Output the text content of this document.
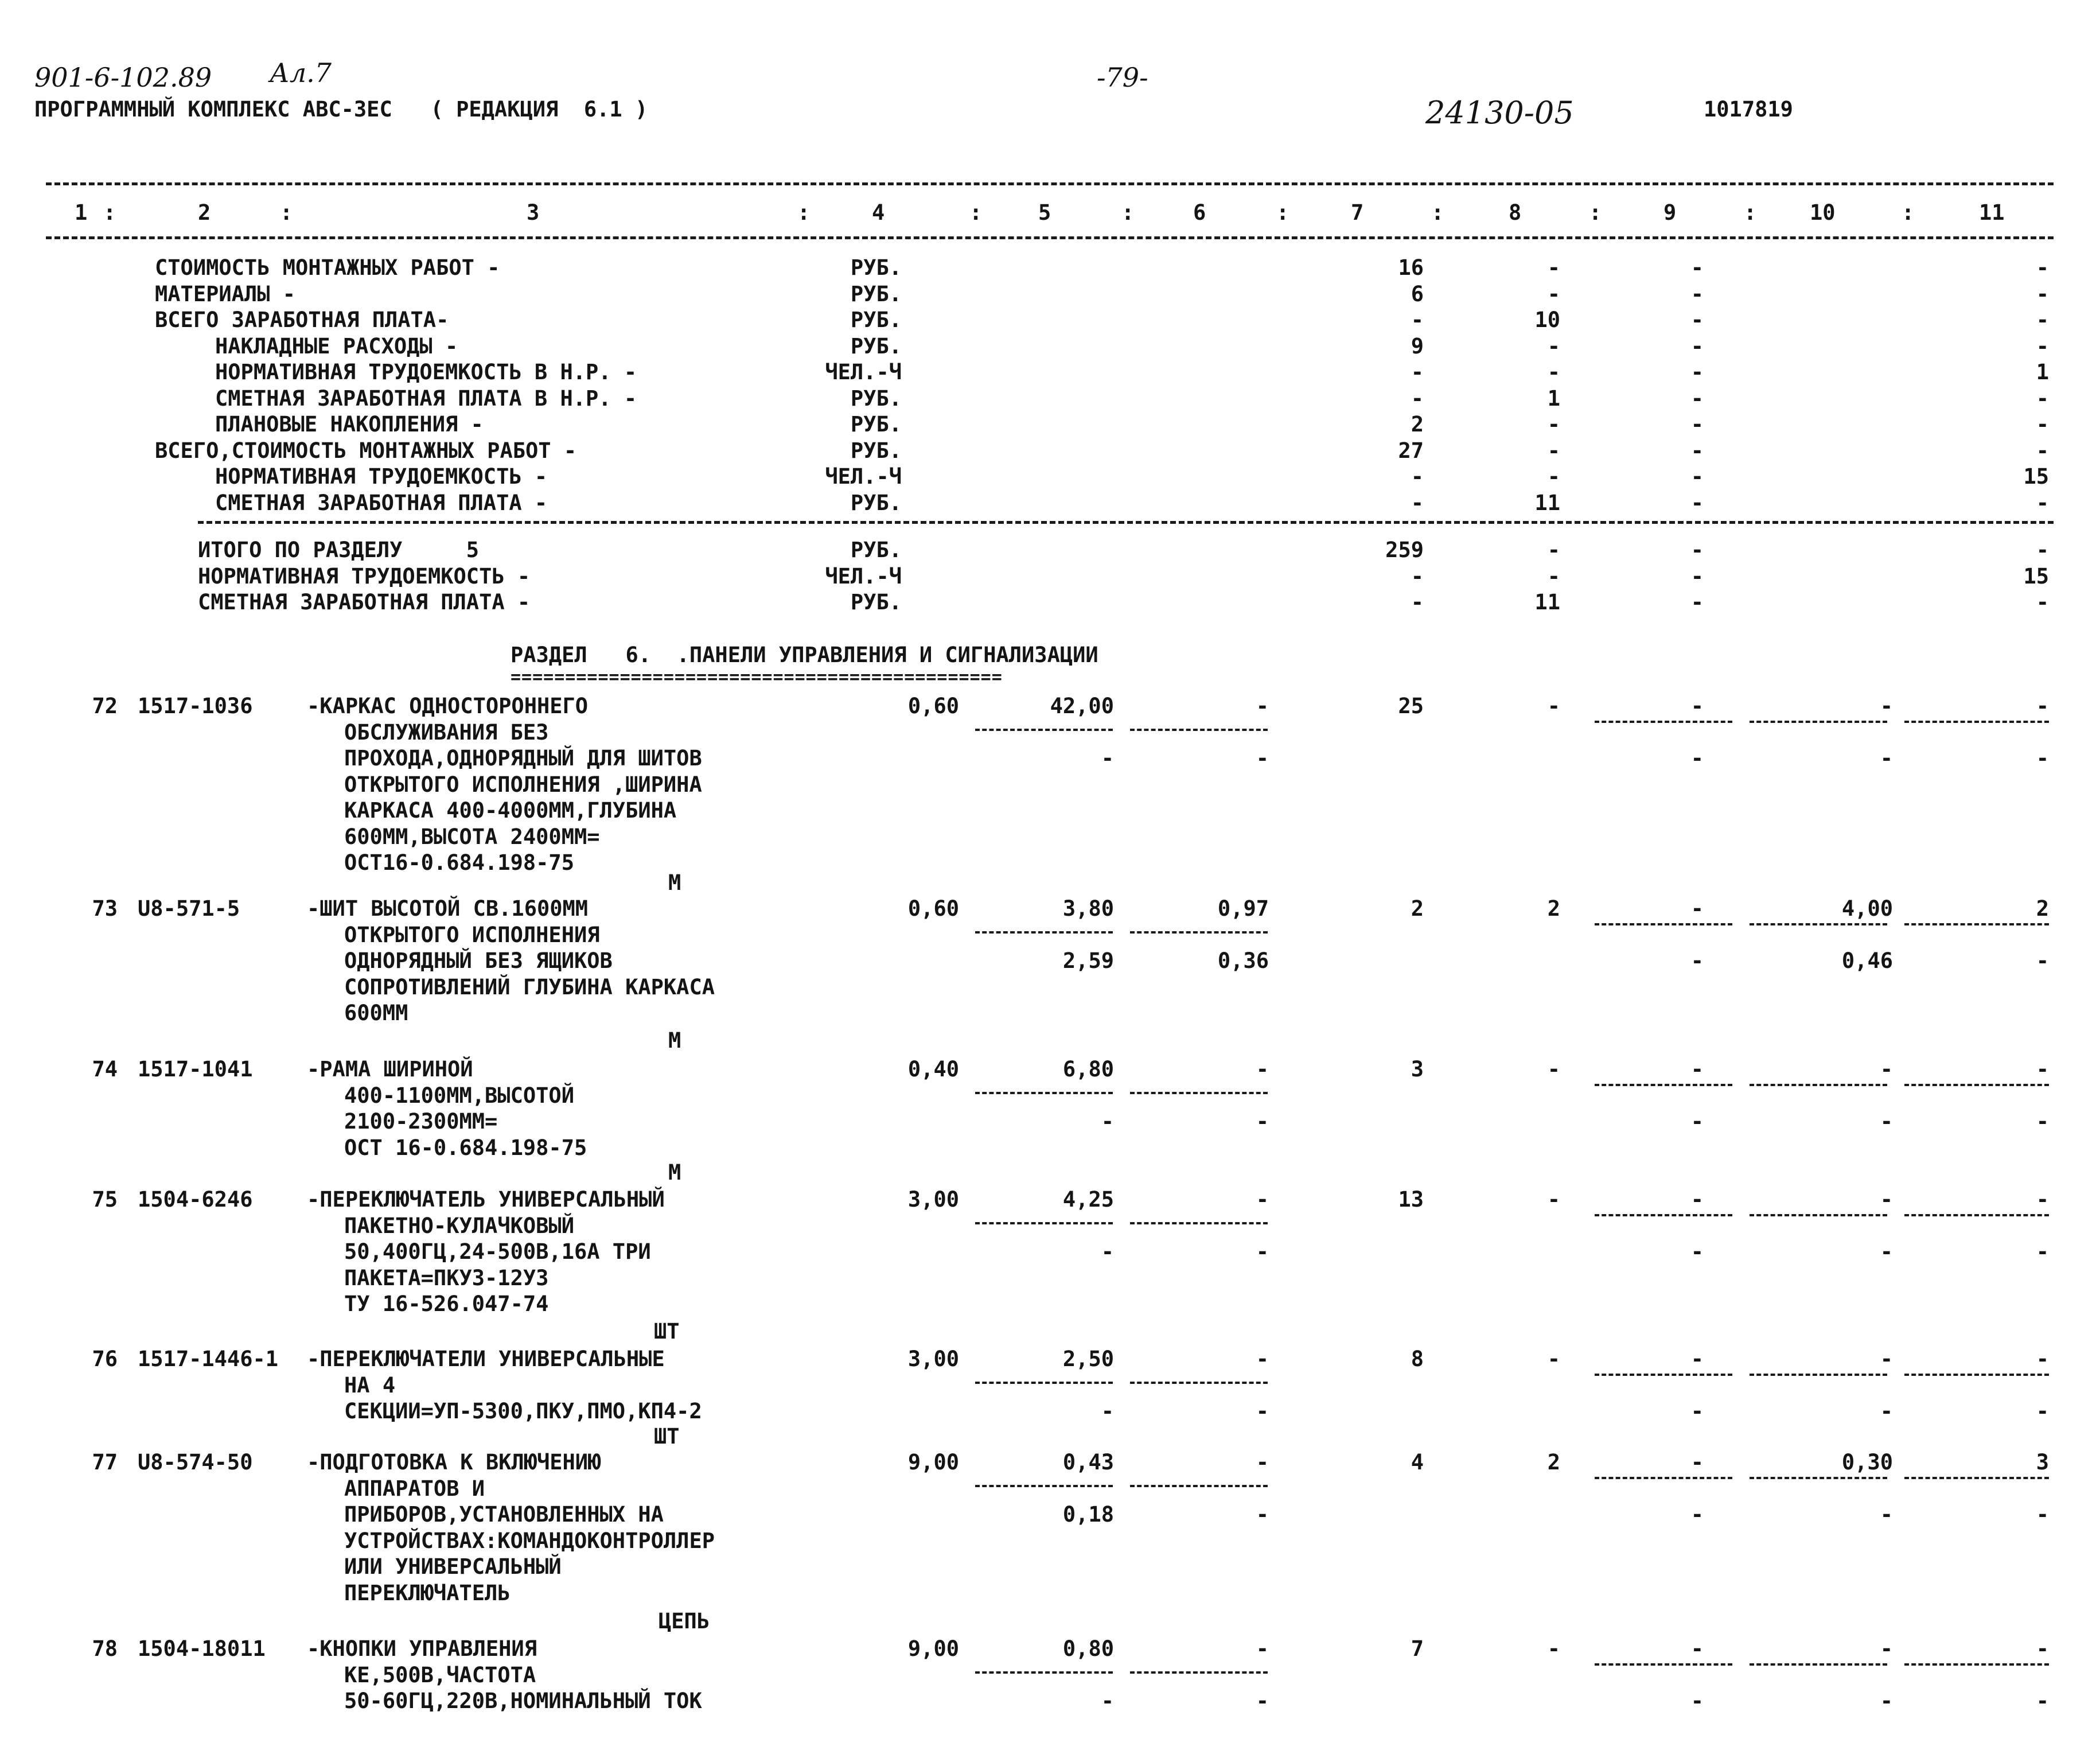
901-6-102.89 Ал.7
ПРОГРАММНЫЙ КОМПЛЕКС АВС-3ЕС   ( РЕДАКЦИЯ  6.1 )
-79-
24130-05	1017819
1 :	2	:	3	:	4	:	5	:	6	:	7	:	8	:	9	:	10	:	11
СТОИМОСТЬ МОНТАЖНЫХ РАБОТ -	РУБ.	16	-	-	-
МАТЕРИАЛЫ -	РУБ.	6	-	-	-
ВСЕГО ЗАРАБОТНАЯ ПЛАТА-	РУБ.	-	10	-	-
НАКЛАДНЫЕ РАСХОДЫ -	РУБ.	9	-	-	-
НОРМАТИВНАЯ ТРУДОЕМКОСТЬ В Н.Р. -	ЧЕЛ.-Ч	-	-	-	1
СМЕТНАЯ ЗАРАБОТНАЯ ПЛАТА В Н.Р. -	РУБ.	-	1	-	-
ПЛАНОВЫЕ НАКОПЛЕНИЯ -	РУБ.	2	-	-	-
ВСЕГО,СТОИМОСТЬ МОНТАЖНЫХ РАБОТ -	РУБ.	27	-	-	-
НОРМАТИВНАЯ ТРУДОЕМКОСТЬ -	ЧЕЛ.-Ч	-	-	-	15
СМЕТНАЯ ЗАРАБОТНАЯ ПЛАТА -	РУБ.	-	11	-	-
ИТОГО ПО РАЗДЕЛУ     5	РУБ.	259	-	-	-
НОРМАТИВНАЯ ТРУДОЕМКОСТЬ -	ЧЕЛ.-Ч	-	-	-	15
СМЕТНАЯ ЗАРАБОТНАЯ ПЛАТА -	РУБ.	-	11	-	-
РАЗДЕЛ   6.  .ПАНЕЛИ УПРАВЛЕНИЯ И СИГНАЛИЗАЦИИ
=============================================
72 1517-1036	-КАРКАС ОДНОСТОРОННЕГО
ОБСЛУЖИВАНИЯ БЕЗ
ПРОХОДА,ОДНОРЯДНЫЙ ДЛЯ ШИТОВ
ОТКРЫТОГО ИСПОЛНЕНИЯ ,ШИРИНА
КАРКАСА 400-4000ММ,ГЛУБИНА
600ММ,ВЫСОТА 2400ММ=
ОСТ16-0.684.198-75
М
0,60	42,00	-	25	-	-	-	-
-	-	-	-	-
73 U8-571-5	-ШИТ ВЫСОТОЙ СВ.1600ММ
ОТКРЫТОГО ИСПОЛНЕНИЯ
ОДНОРЯДНЫЙ БЕЗ ЯЩИКОВ
СОПРОТИВЛЕНИЙ ГЛУБИНА КАРКАСА
600ММ
М
0,60	3,80	0,97	2	2	-	4,00	2
2,59	0,36	-	0,46	-
74 1517-1041	-РАМА ШИРИНОЙ
400-1100ММ,ВЫСОТОЙ
2100-2300ММ=
ОСТ 16-0.684.198-75
М
0,40	6,80	-	3	-	-	-	-
-	-	-	-	-
75 1504-6246	-ПЕРЕКЛЮЧАТЕЛЬ УНИВЕРСАЛЬНЫЙ
ПАКЕТНО-КУЛАЧКОВЫЙ
50,400ГЦ,24-500В,16А ТРИ
ПАКЕТА=ПКУ3-12У3
ТУ 16-526.047-74
ШТ
3,00	4,25	-	13	-	-	-	-
-	-	-	-	-
76 1517-1446-1 -ПЕРЕКЛЮЧАТЕЛИ УНИВЕРСАЛЬНЫЕ
НА 4
СЕКЦИИ=УП-5300,ПКУ,ПМО,КП4-2
ШТ
3,00	2,50	-	8	-	-	-	-
-	-	-	-	-
77 U8-574-50	-ПОДГОТОВКА К ВКЛЮЧЕНИЮ
АППАРАТОВ И
ПРИБОРОВ,УСТАНОВЛЕННЫХ НА
УСТРОЙСТВАХ:КОМАНДОКОНТРОЛЛЕР
ИЛИ УНИВЕРСАЛЬНЫЙ
ПЕРЕКЛЮЧАТЕЛЬ
ЦЕПЬ
9,00	0,43	-	4	2	-	0,30	3
0,18	-	-	-	-
78 1504-18011 -КНОПКИ УПРАВЛЕНИЯ
КЕ,500В,ЧАСТОТА
50-60ГЦ,220В,НОМИНАЛЬНЫЙ ТОК
9,00	0,80	-	7	-	-	-	-
-	-	-	-	-
